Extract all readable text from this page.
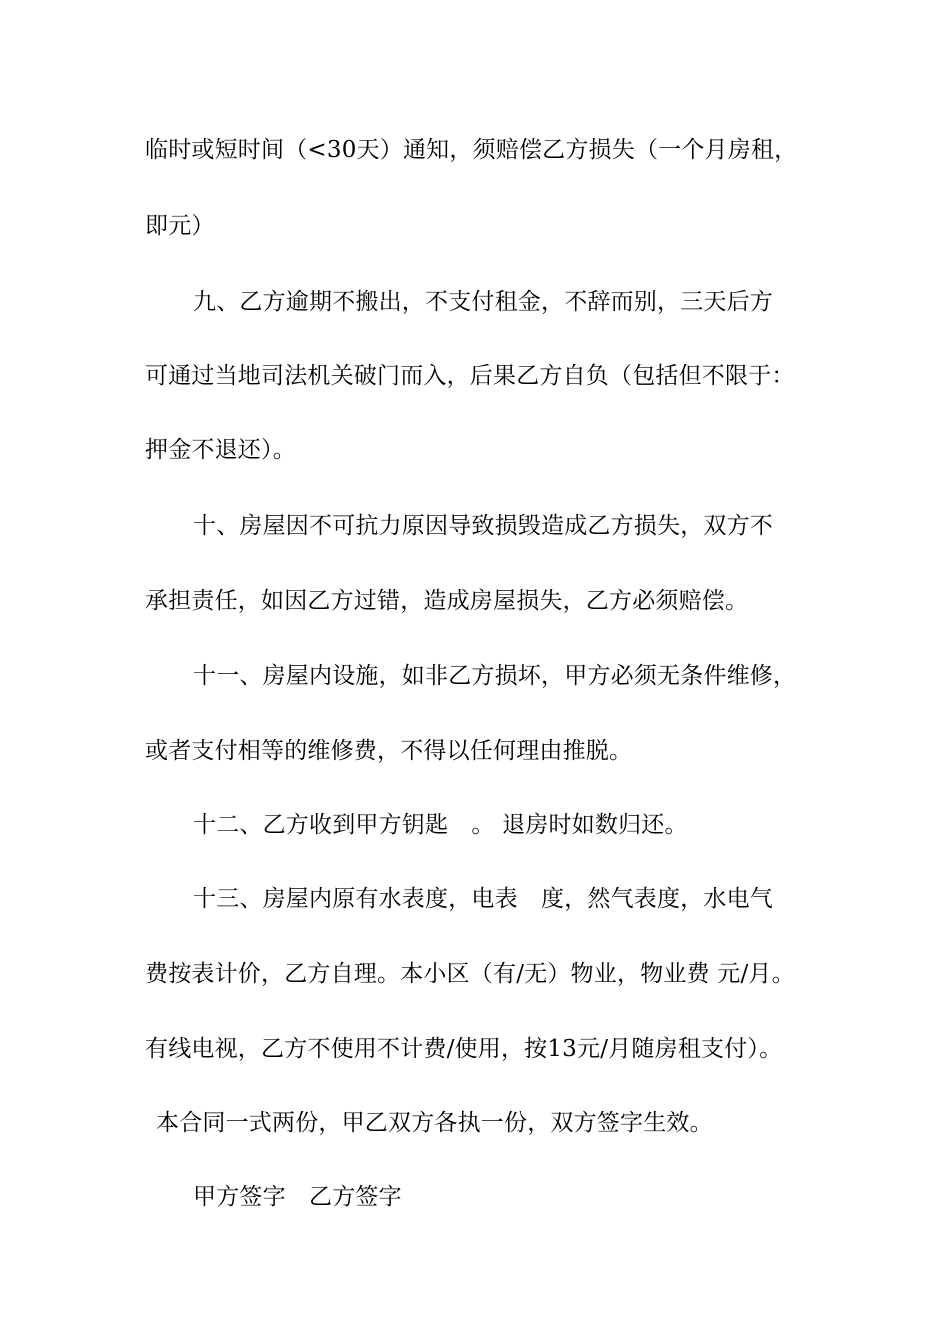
临时或短时间（<30天）通知，须赔偿乙方损失（一个月房租，
即元）
九、乙方逾期不搬出，不支付租金，不辞而别，三天后方
可通过当地司法机关破门而入，后果乙方自负（包括但不限于：
押金不退还）。
十、房屋因不可抗力原因导致损毁造成乙方损失，双方不
承担责任，如因乙方过错，造成房屋损失，乙方必须赔偿。
十一、房屋内设施，如非乙方损坏，甲方必须无条件维修，
或者支付相等的维修费，不得以任何理由推脱。
十二、乙方收到甲方钥匙　。 退房时如数归还。
十三、房屋内原有水表度，电表　度，然气表度，水电气
费按表计价，乙方自理。本小区（有/无）物业，物业费 元/月。
有线电视，乙方不使用不计费/使用，按13元/月随房租支付）。
本合同一式两份，甲乙双方各执一份，双方签字生效。
甲方签字　乙方签字
